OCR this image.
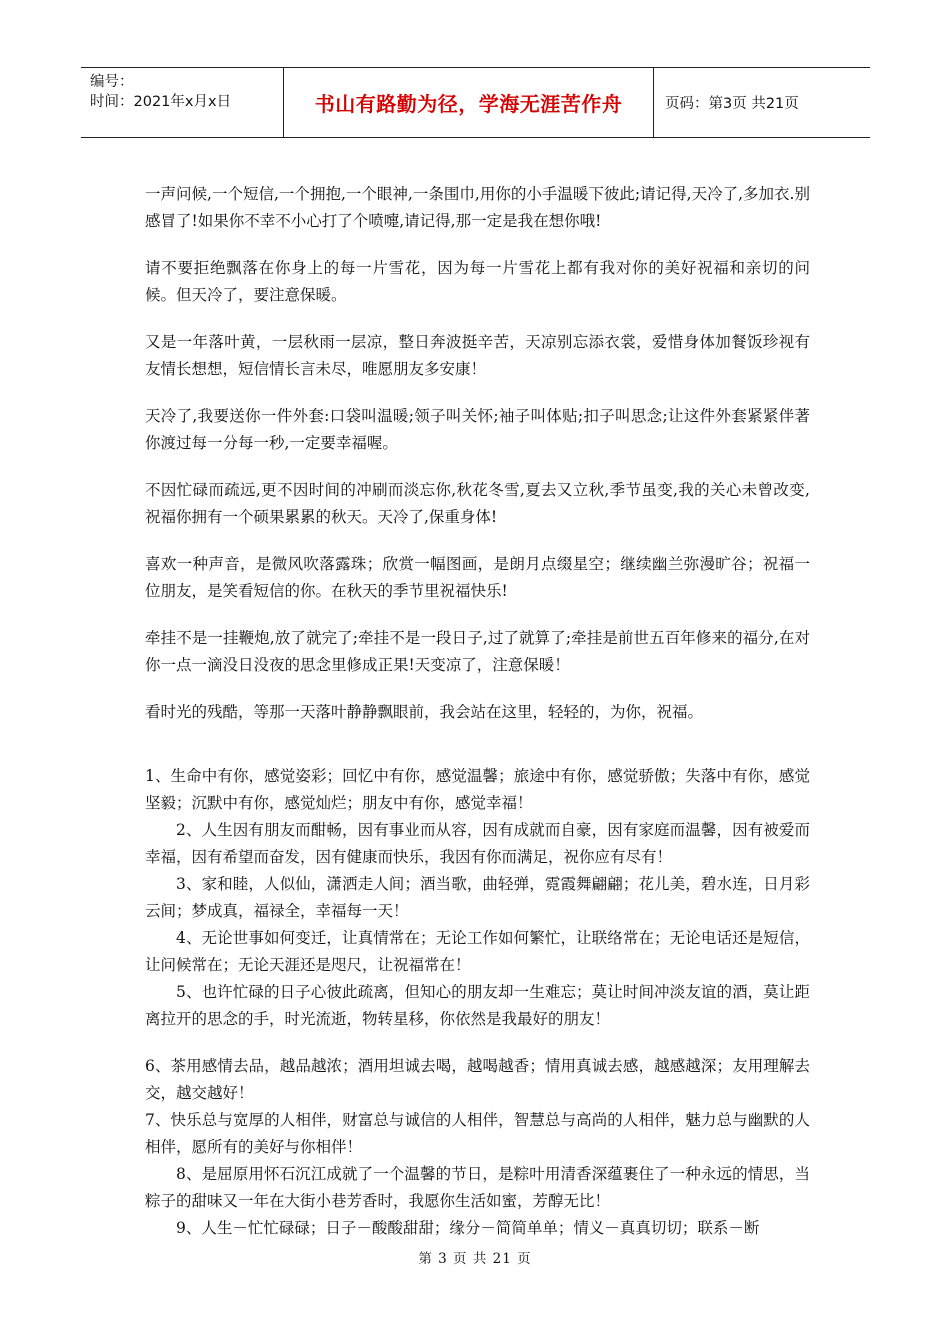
编号：
时间：2021年x月x日	书山有路勤为径，学海无涯苦作舟	页码：第3页 共21页

一声问候,一个短信,一个拥抱,一个眼神,一条围巾,用你的小手温暖下彼此;请记得,天冷了,多加衣.别感冒了!如果你不幸不小心打了个喷嚏,请记得,那一定是我在想你哦!

请不要拒绝飘落在你身上的每一片雪花，因为每一片雪花上都有我对你的美好祝福和亲切的问候。但天冷了，要注意保暖。

又是一年落叶黄，一层秋雨一层凉，整日奔波挺辛苦，天凉别忘添衣裳，爱惜身体加餐饭珍视有友情长想想，短信情长言未尽，唯愿朋友多安康！

天冷了,我要送你一件外套:口袋叫温暖;领子叫关怀;袖子叫体贴;扣子叫思念;让这件外套紧紧伴著你渡过每一分每一秒,一定要幸福喔。

不因忙碌而疏远,更不因时间的冲刷而淡忘你,秋花冬雪,夏去又立秋,季节虽变,我的关心未曾改变,祝福你拥有一个硕果累累的秋天。天冷了,保重身体!

喜欢一种声音，是微风吹落露珠；欣赏一幅图画，是朗月点缀星空；继续幽兰弥漫旷谷；祝福一位朋友，是笑看短信的你。在秋天的季节里祝福快乐!

牵挂不是一挂鞭炮,放了就完了;牵挂不是一段日子,过了就算了;牵挂是前世五百年修来的福分,在对你一点一滴没日没夜的思念里修成正果!天变凉了，注意保暖！

看时光的残酷，等那一天落叶静静飘眼前，我会站在这里，轻轻的，为你，祝福。

1、生命中有你，感觉姿彩；回忆中有你，感觉温馨；旅途中有你，感觉骄傲；失落中有你，感觉坚毅；沉默中有你，感觉灿烂；朋友中有你，感觉幸福！

2、人生因有朋友而酣畅，因有事业而从容，因有成就而自豪，因有家庭而温馨，因有被爱而幸福，因有希望而奋发，因有健康而快乐，我因有你而满足，祝你应有尽有！

3、家和睦，人似仙，潇洒走人间；酒当歌，曲轻弹，霓霞舞翩翩；花儿美，碧水连，日月彩云间；梦成真，福禄全，幸福每一天！

4、无论世事如何变迁，让真情常在；无论工作如何繁忙，让联络常在；无论电话还是短信，让问候常在；无论天涯还是咫尺，让祝福常在！

5、也许忙碌的日子心彼此疏离，但知心的朋友却一生难忘；莫让时间冲淡友谊的酒，莫让距离拉开的思念的手，时光流逝，物转星移，你依然是我最好的朋友！

6、茶用感情去品，越品越浓；酒用坦诚去喝，越喝越香；情用真诚去感，越感越深；友用理解去交，越交越好！

7、快乐总与宽厚的人相伴，财富总与诚信的人相伴，智慧总与高尚的人相伴，魅力总与幽默的人相伴，愿所有的美好与你相伴！

8、是屈原用怀石沉江成就了一个温馨的节日，是粽叶用清香深蕴裹住了一种永远的情思，当粽子的甜味又一年在大街小巷芳香时，我愿你生活如蜜，芳醇无比！

9、人生－忙忙碌碌；日子－酸酸甜甜；缘分－简简单单；情义－真真切切；联系－断

第 3 页 共 21 页
